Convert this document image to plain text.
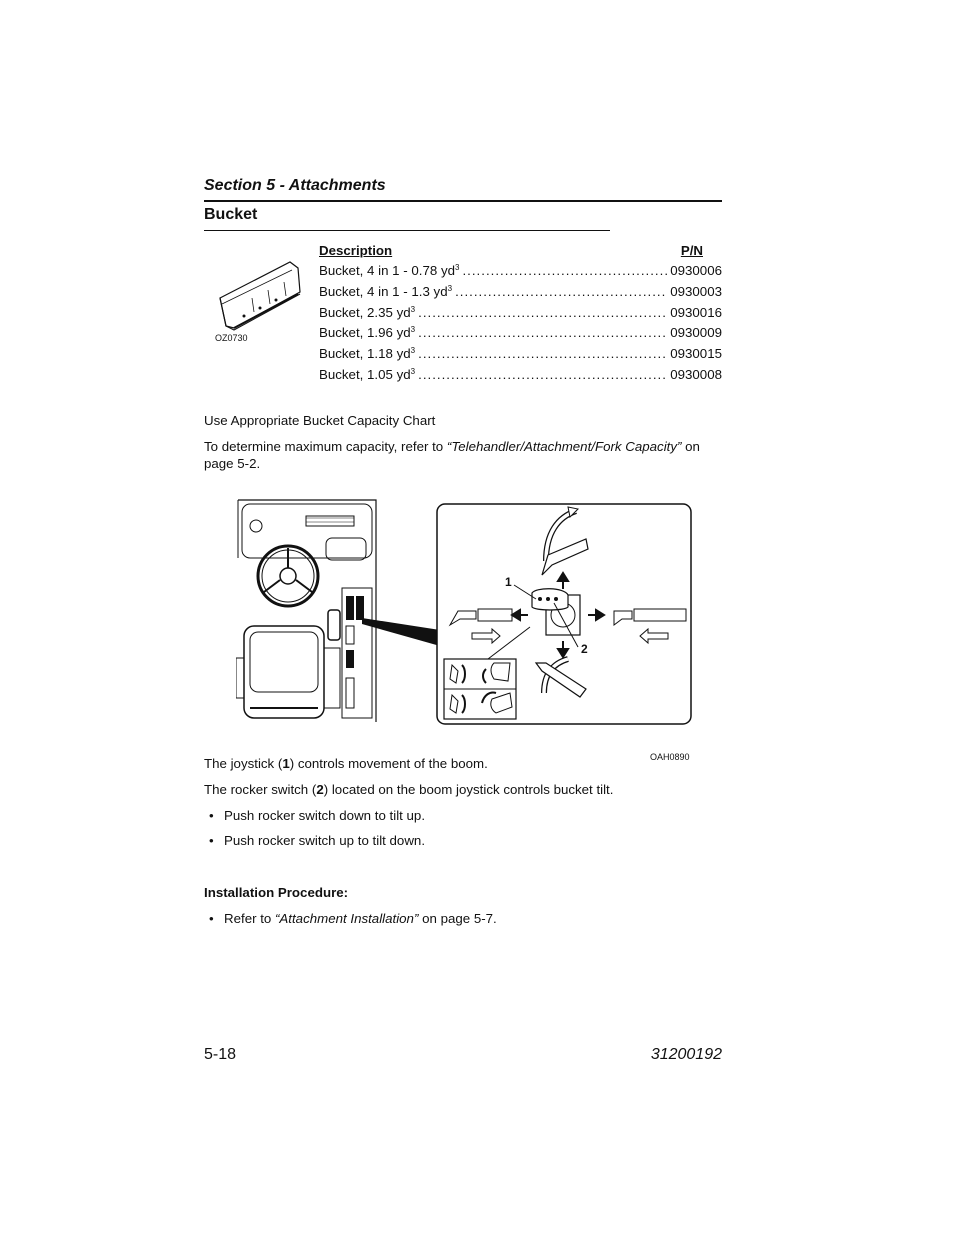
Section 5 - Attachments
Bucket
OZ0730
Description	P/N
Bucket, 4 in 1 - 0.78 $yd^3$ .....	0930006
Bucket, 4 in 1 - 1.3 $yd^3$ .....	0930003
Bucket, 2.35 $yd^3$ .....	0930016
Bucket, 1.96 $yd^3$ .....	0930009
Bucket, 1.18 $yd^3$ .....	0930015
Bucket, 1.05 $yd^3$ .....	0930008
Use Appropriate Bucket Capacity Chart
To determine maximum capacity, refer to “Telehandler/Attachment/Fork Capacity” on
page 5-2.
1
2
OAH0890
The joystick (1) controls movement of the boom.
The rocker switch (2) located on the boom joystick controls bucket tilt.
• Push rocker switch down to tilt up.
• Push rocker switch up to tilt down.
Installation Procedure:
• Refer to “Attachment Installation” on page 5-7.
5-18	31200192
